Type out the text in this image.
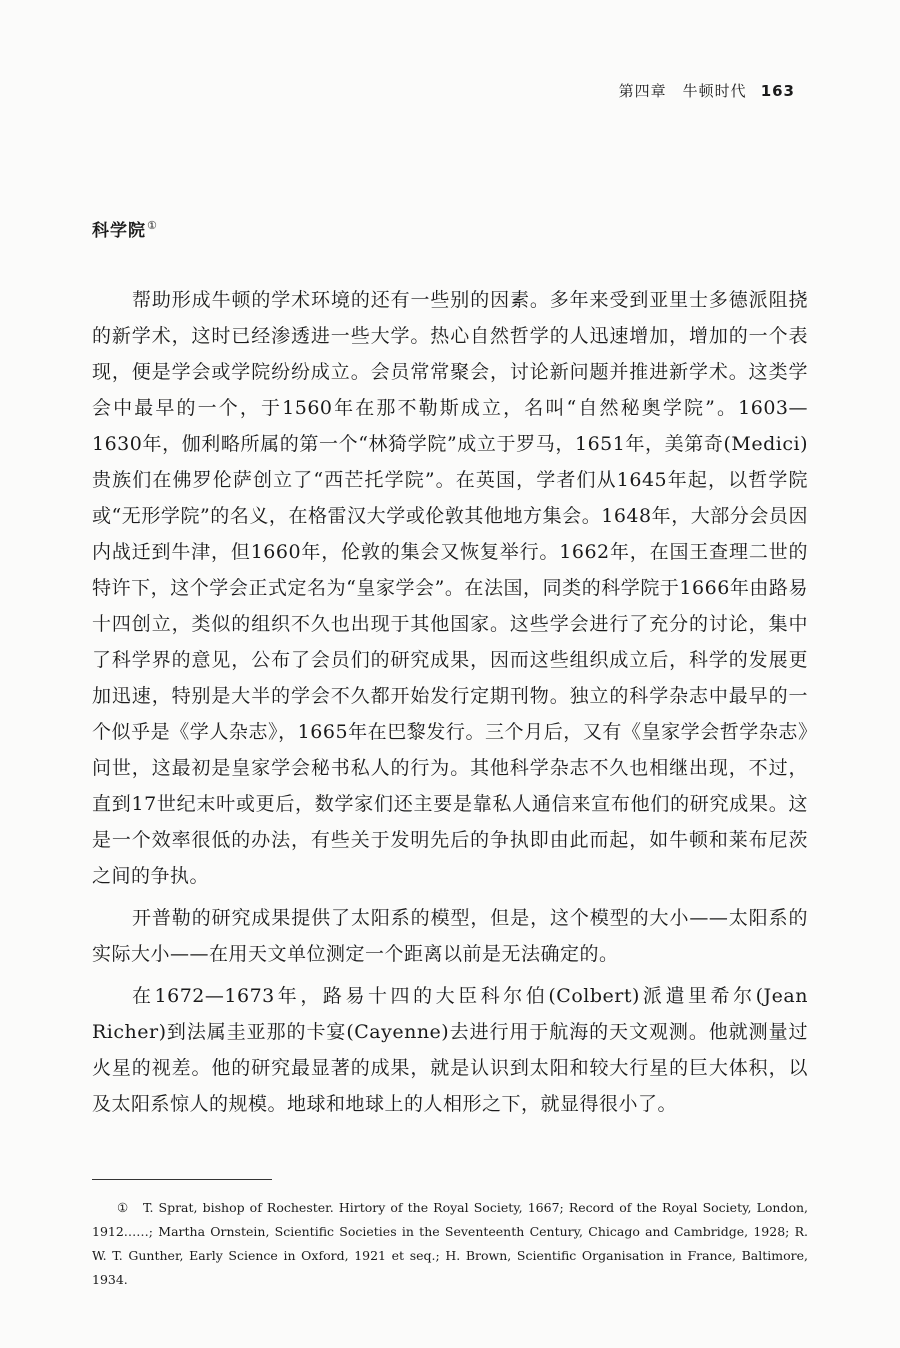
第四章　牛顿时代 163
科学院①

帮助形成牛顿的学术环境的还有一些别的因素。多年来受到亚里士多德派阻挠的新学术，这时已经渗透进一些大学。热心自然哲学的人迅速增加，增加的一个表现，便是学会或学院纷纷成立。会员常常聚会，讨论新问题并推进新学术。这类学会中最早的一个，于1560年在那不勒斯成立，名叫“自然秘奥学院”。1603—1630年，伽利略所属的第一个“林猗学院”成立于罗马，1651年，美第奇(Medici)贵族们在佛罗伦萨创立了“西芒托学院”。在英国，学者们从1645年起，以哲学院或“无形学院”的名义，在格雷汉大学或伦敦其他地方集会。1648年，大部分会员因内战迁到牛津，但1660年，伦敦的集会又恢复举行。1662年，在国王查理二世的特许下，这个学会正式定名为“皇家学会”。在法国，同类的科学院于1666年由路易十四创立，类似的组织不久也出现于其他国家。这些学会进行了充分的讨论，集中了科学界的意见，公布了会员们的研究成果，因而这些组织成立后，科学的发展更加迅速，特别是大半的学会不久都开始发行定期刊物。独立的科学杂志中最早的一个似乎是《学人杂志》，1665年在巴黎发行。三个月后，又有《皇家学会哲学杂志》问世，这最初是皇家学会秘书私人的行为。其他科学杂志不久也相继出现，不过，直到17世纪末叶或更后，数学家们还主要是靠私人通信来宣布他们的研究成果。这是一个效率很低的办法，有些关于发明先后的争执即由此而起，如牛顿和莱布尼茨之间的争执。

开普勒的研究成果提供了太阳系的模型，但是，这个模型的大小——太阳系的实际大小——在用天文单位测定一个距离以前是无法确定的。

在1672—1673年，路易十四的大臣科尔伯(Colbert)派遣里希尔(Jean Richer)到法属圭亚那的卡宴(Cayenne)去进行用于航海的天文观测。他就测量过火星的视差。他的研究最显著的成果，就是认识到太阳和较大行星的巨大体积，以及太阳系惊人的规模。地球和地球上的人相形之下，就显得很小了。

①　T. Sprat, bishop of Rochester. Hirtory of the Royal Society, 1667; Record of the Royal Society, London, 1912……; Martha Ornstein, Scientific Societies in the Seventeenth Century, Chicago and Cambridge, 1928; R. W. T. Gunther, Early Science in Oxford, 1921 et seq.; H. Brown, Scientific Organisation in France, Baltimore, 1934.
